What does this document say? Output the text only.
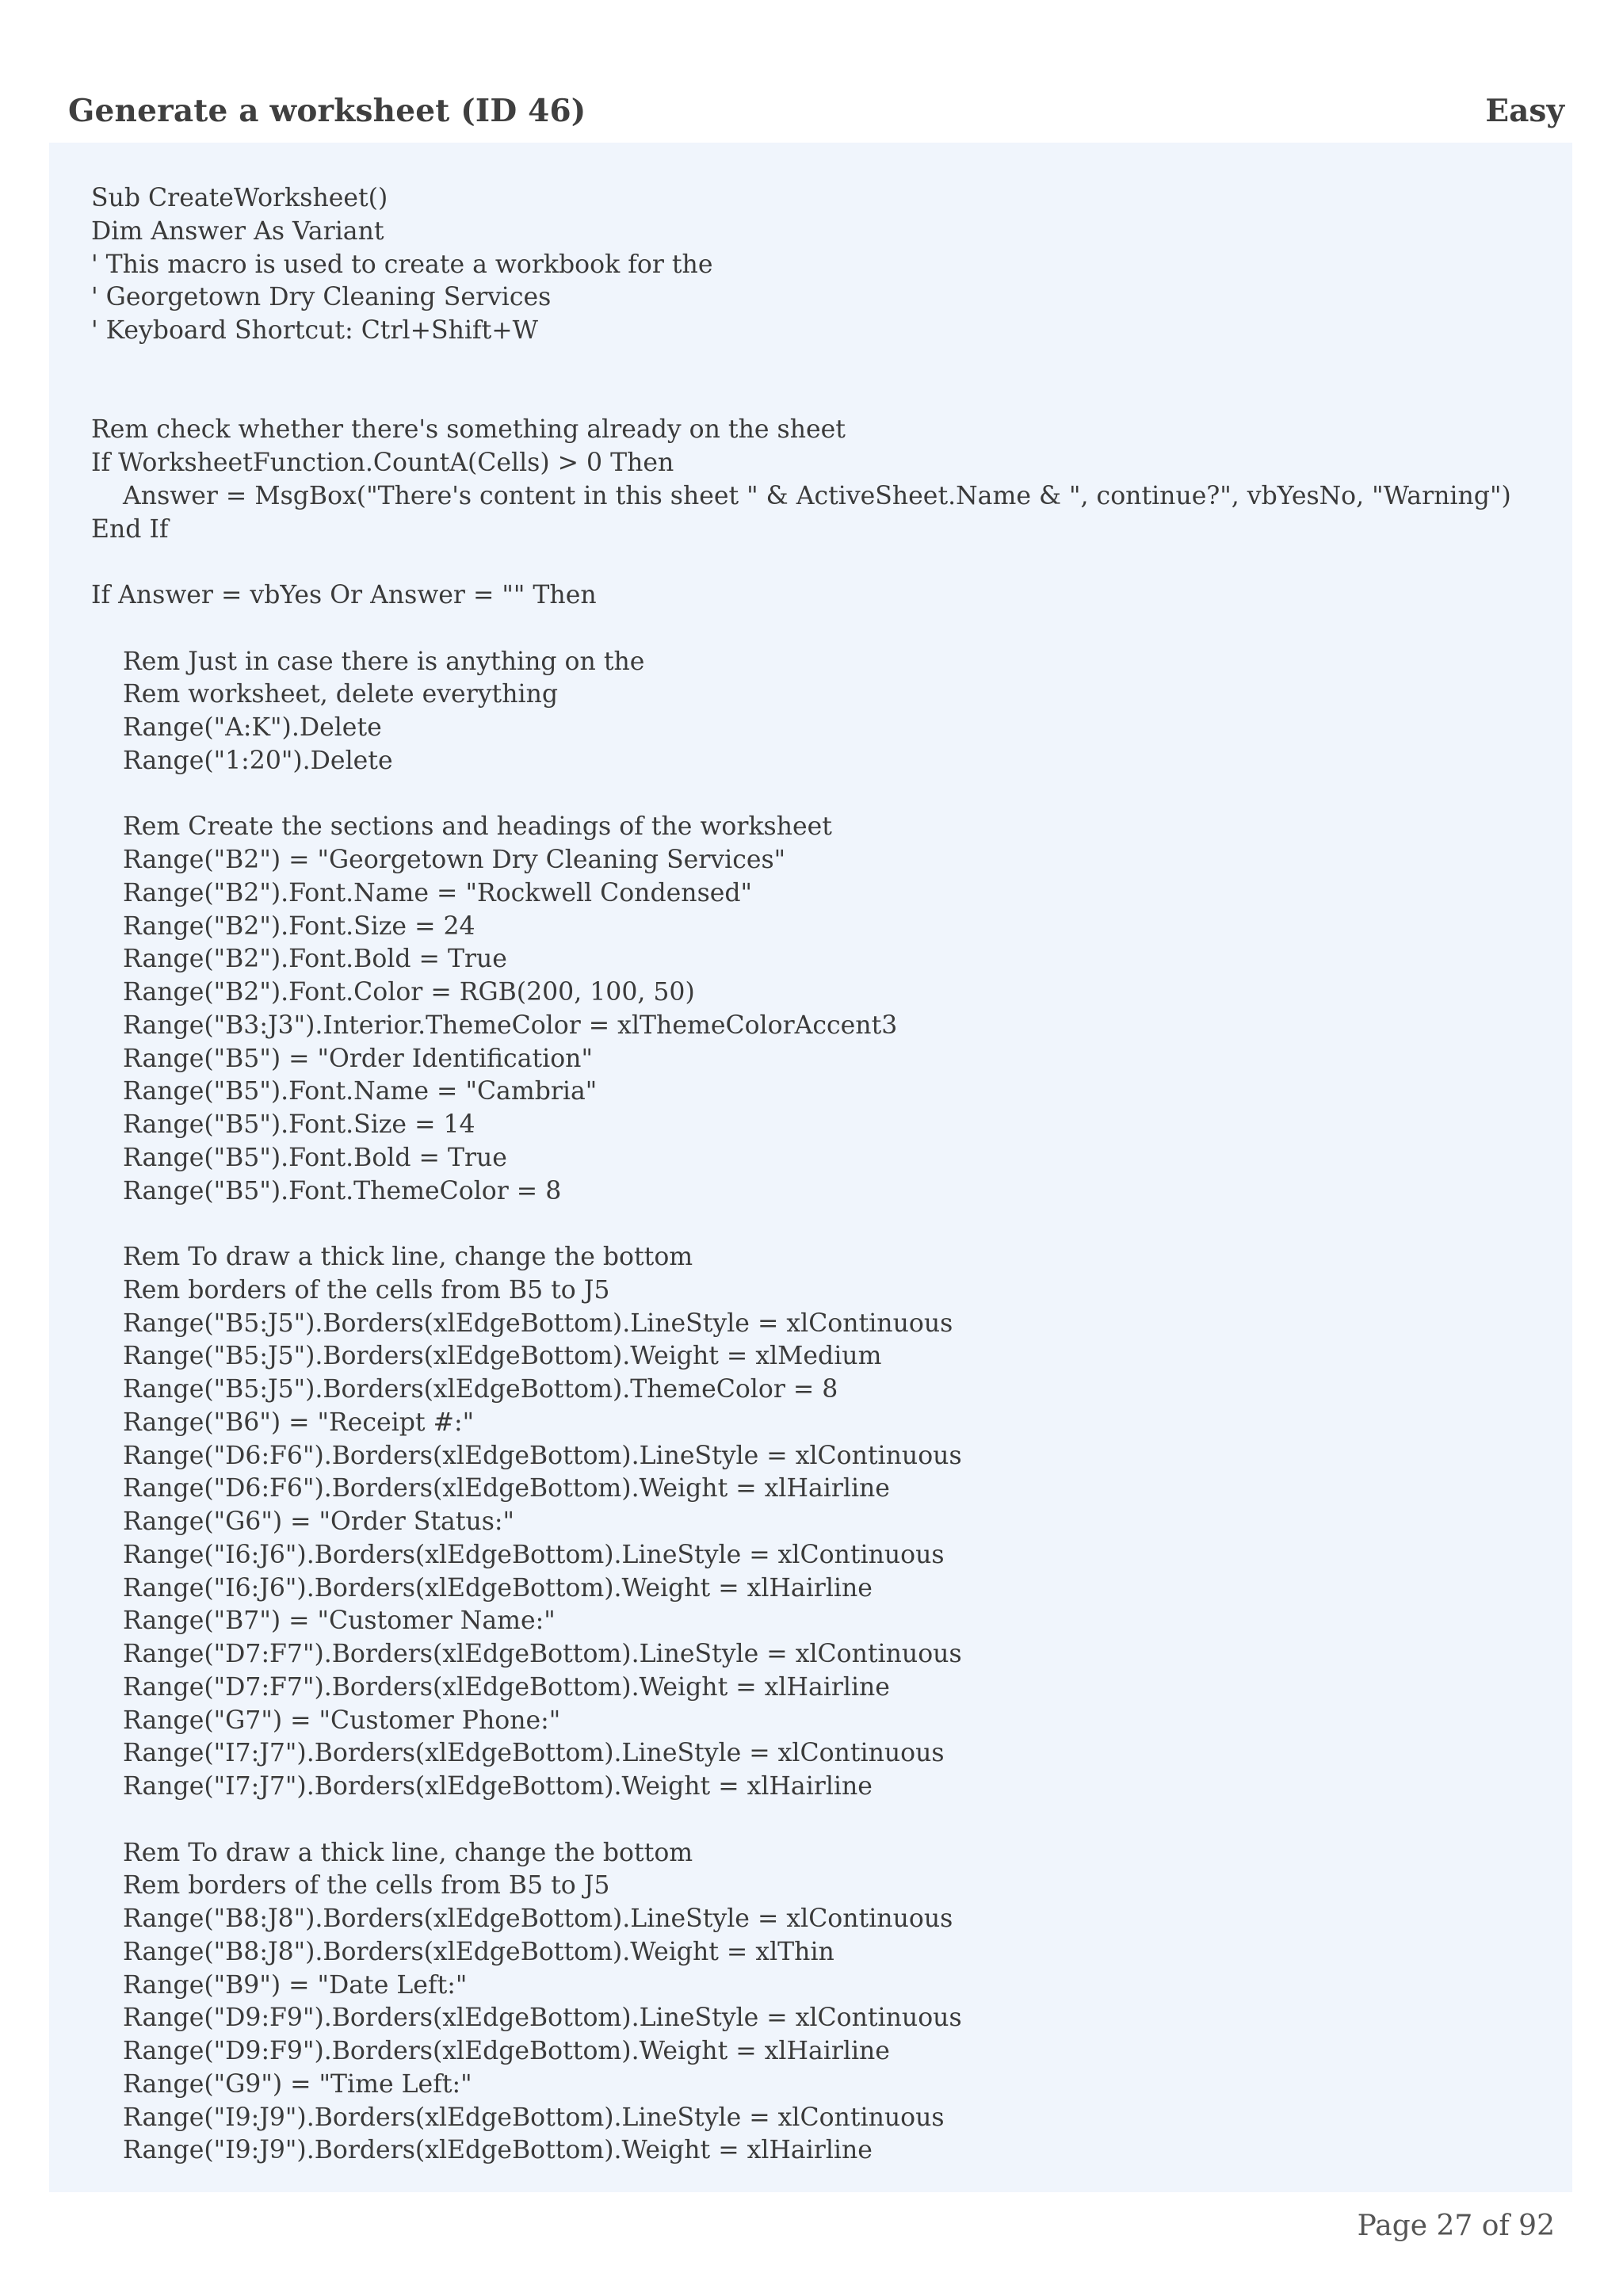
Generate a worksheet (ID 46)	Easy
Sub CreateWorksheet()
Dim Answer As Variant
' This macro is used to create a workbook for the
' Georgetown Dry Cleaning Services
' Keyboard Shortcut: Ctrl+Shift+W
Rem check whether there's something already on the sheet
If WorksheetFunction.CountA(Cells) > 0 Then
Answer = MsgBox("There's content in this sheet " & ActiveSheet.Name & ", continue?", vbYesNo, "Warning")
End If
If Answer = vbYes Or Answer = "" Then
Rem Just in case there is anything on the
Rem worksheet, delete everything
Range("A:K").Delete
Range("1:20").Delete
Rem Create the sections and headings of the worksheet
Range("B2") = "Georgetown Dry Cleaning Services"
Range("B2").Font.Name = "Rockwell Condensed"
Range("B2").Font.Size = 24
Range("B2").Font.Bold = True
Range("B2").Font.Color = RGB(200, 100, 50)
Range("B3:J3").Interior.ThemeColor = xlThemeColorAccent3
Range("B5") = "Order Identification"
Range("B5").Font.Name = "Cambria"
Range("B5").Font.Size = 14
Range("B5").Font.Bold = True
Range("B5").Font.ThemeColor = 8
Rem To draw a thick line, change the bottom
Rem borders of the cells from B5 to J5
Range("B5:J5").Borders(xlEdgeBottom).LineStyle = xlContinuous
Range("B5:J5").Borders(xlEdgeBottom).Weight = xlMedium
Range("B5:J5").Borders(xlEdgeBottom).ThemeColor = 8
Range("B6") = "Receipt #:"
Range("D6:F6").Borders(xlEdgeBottom).LineStyle = xlContinuous
Range("D6:F6").Borders(xlEdgeBottom).Weight = xlHairline
Range("G6") = "Order Status:"
Range("I6:J6").Borders(xlEdgeBottom).LineStyle = xlContinuous
Range("I6:J6").Borders(xlEdgeBottom).Weight = xlHairline
Range("B7") = "Customer Name:"
Range("D7:F7").Borders(xlEdgeBottom).LineStyle = xlContinuous
Range("D7:F7").Borders(xlEdgeBottom).Weight = xlHairline
Range("G7") = "Customer Phone:"
Range("I7:J7").Borders(xlEdgeBottom).LineStyle = xlContinuous
Range("I7:J7").Borders(xlEdgeBottom).Weight = xlHairline
Rem To draw a thick line, change the bottom
Rem borders of the cells from B5 to J5
Range("B8:J8").Borders(xlEdgeBottom).LineStyle = xlContinuous
Range("B8:J8").Borders(xlEdgeBottom).Weight = xlThin
Range("B9") = "Date Left:"
Range("D9:F9").Borders(xlEdgeBottom).LineStyle = xlContinuous
Range("D9:F9").Borders(xlEdgeBottom).Weight = xlHairline
Range("G9") = "Time Left:"
Range("I9:J9").Borders(xlEdgeBottom).LineStyle = xlContinuous
Range("I9:J9").Borders(xlEdgeBottom).Weight = xlHairline
Page 27 of 92
